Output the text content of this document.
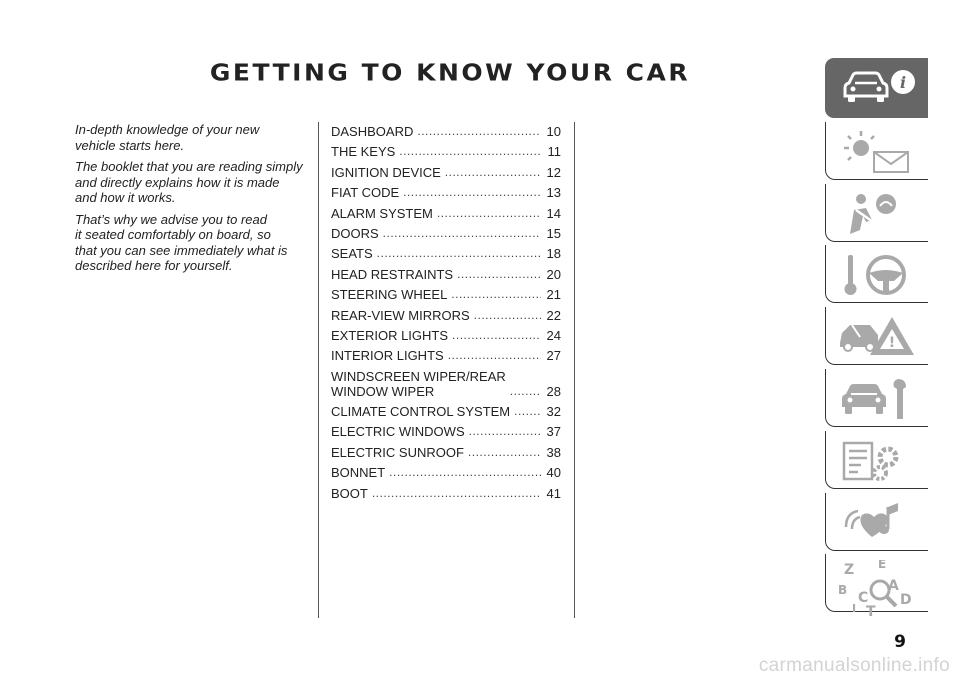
GETTING TO KNOW YOUR CAR

In-depth knowledge of your new
vehicle starts here.

The booklet that you are reading simply
and directly explains how it is made
and how it works.

That’s why we advise you to read
it seated comfortably on board, so
that you can see immediately what is
described here for yourself.

DASHBOARD .....	10
THE KEYS .....	11
IGNITION DEVICE .....	12
FIAT CODE .....	13
ALARM SYSTEM .....	14
DOORS .....	15
SEATS .....	18
HEAD RESTRAINTS .....	20
STEERING WHEEL .....	21
REAR-VIEW MIRRORS .....	22
EXTERIOR LIGHTS .....	24
INTERIOR LIGHTS .....	27
WINDSCREEN WIPER/REAR
WINDOW WIPER .....	28
CLIMATE CONTROL SYSTEM .....	32
ELECTRIC WINDOWS .....	37
ELECTRIC SUNROOF .....	38
BONNET .....	40
BOOT .....	41
i
!
Z E
B	A
I
C
T
D
9
carmanualsonline.info
